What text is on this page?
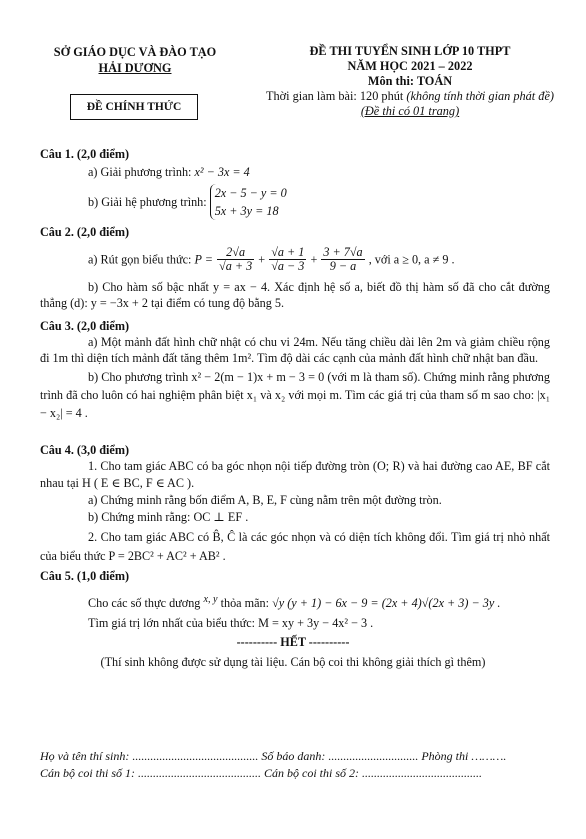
SỞ GIÁO DỤC VÀ ĐÀO TẠO
HẢI DƯƠNG
ĐỀ CHÍNH THỨC
ĐỀ THI TUYỂN SINH LỚP 10 THPT
NĂM HỌC 2021 – 2022
Môn thi: TOÁN
Thời gian làm bài: 120 phút (không tính thời gian phát đề)
(Đề thi có 01 trang)
Câu 1. (2,0 điểm)
a) Giải phương trình: x² − 3x = 4
b) Giải hệ phương trình:
2x − 5 − y = 0
5x + 3y = 18
Câu 2. (2,0 điểm)
a) Rút gọn biểu thức: $P = \frac{2√a}{√a + 3} + \frac{√a + 1}{√a - 3} + \frac{3 + 7√a}{9 - a}$ , với a ≥ 0, a ≠ 9 .
b) Cho hàm số bậc nhất y = ax − 4. Xác định hệ số a, biết đồ thị hàm số đã cho cắt đường thẳng (d): y = −3x + 2 tại điểm có tung độ bằng 5.
Câu 3. (2,0 điểm)
a) Một mảnh đất hình chữ nhật có chu vi 24m. Nếu tăng chiều dài lên 2m và giảm chiều rộng đi 1m thì diện tích mảnh đất tăng thêm 1m². Tìm độ dài các cạnh của mảnh đất hình chữ nhật ban đầu.
b) Cho phương trình x² − 2(m − 1)x + m − 3 = 0 (với m là tham số). Chứng minh rằng phương trình đã cho luôn có hai nghiệm phân biệt x₁ và x₂ với mọi m. Tìm các giá trị của tham số m sao cho: |x₁ − x₂| = 4 .
Câu 4. (3,0 điểm)
1. Cho tam giác ABC có ba góc nhọn nội tiếp đường tròn (O; R) và hai đường cao AE, BF cắt nhau tại H ( E ∈ BC, F ∈ AC ).
a) Chứng minh rằng bốn điểm A, B, E, F cùng nằm trên một đường tròn.
b) Chứng minh rằng: OC ⊥ EF .
2. Cho tam giác ABC có B̂, Ĉ là các góc nhọn và có diện tích không đổi. Tìm giá trị nhỏ nhất của biểu thức P = 2BC² + AC² + AB² .
Câu 5. (1,0 điểm)
Cho các số thực dương $^{x, y}$ thỏa mãn: √y (y + 1) − 6x − 9 = (2x + 4)√(2x + 3) − 3y .
Tìm giá trị lớn nhất của biểu thức: M = xy + 3y − 4x² − 3 .
---------- HẾT ----------
(Thí sinh không được sử dụng tài liệu. Cán bộ coi thi không giải thích gì thêm)
Họ và tên thí sinh: .......................................... Số báo danh: .............................. Phòng thi ……….
Cán bộ coi thi số 1: ......................................... Cán bộ coi thi số 2: ........................................
